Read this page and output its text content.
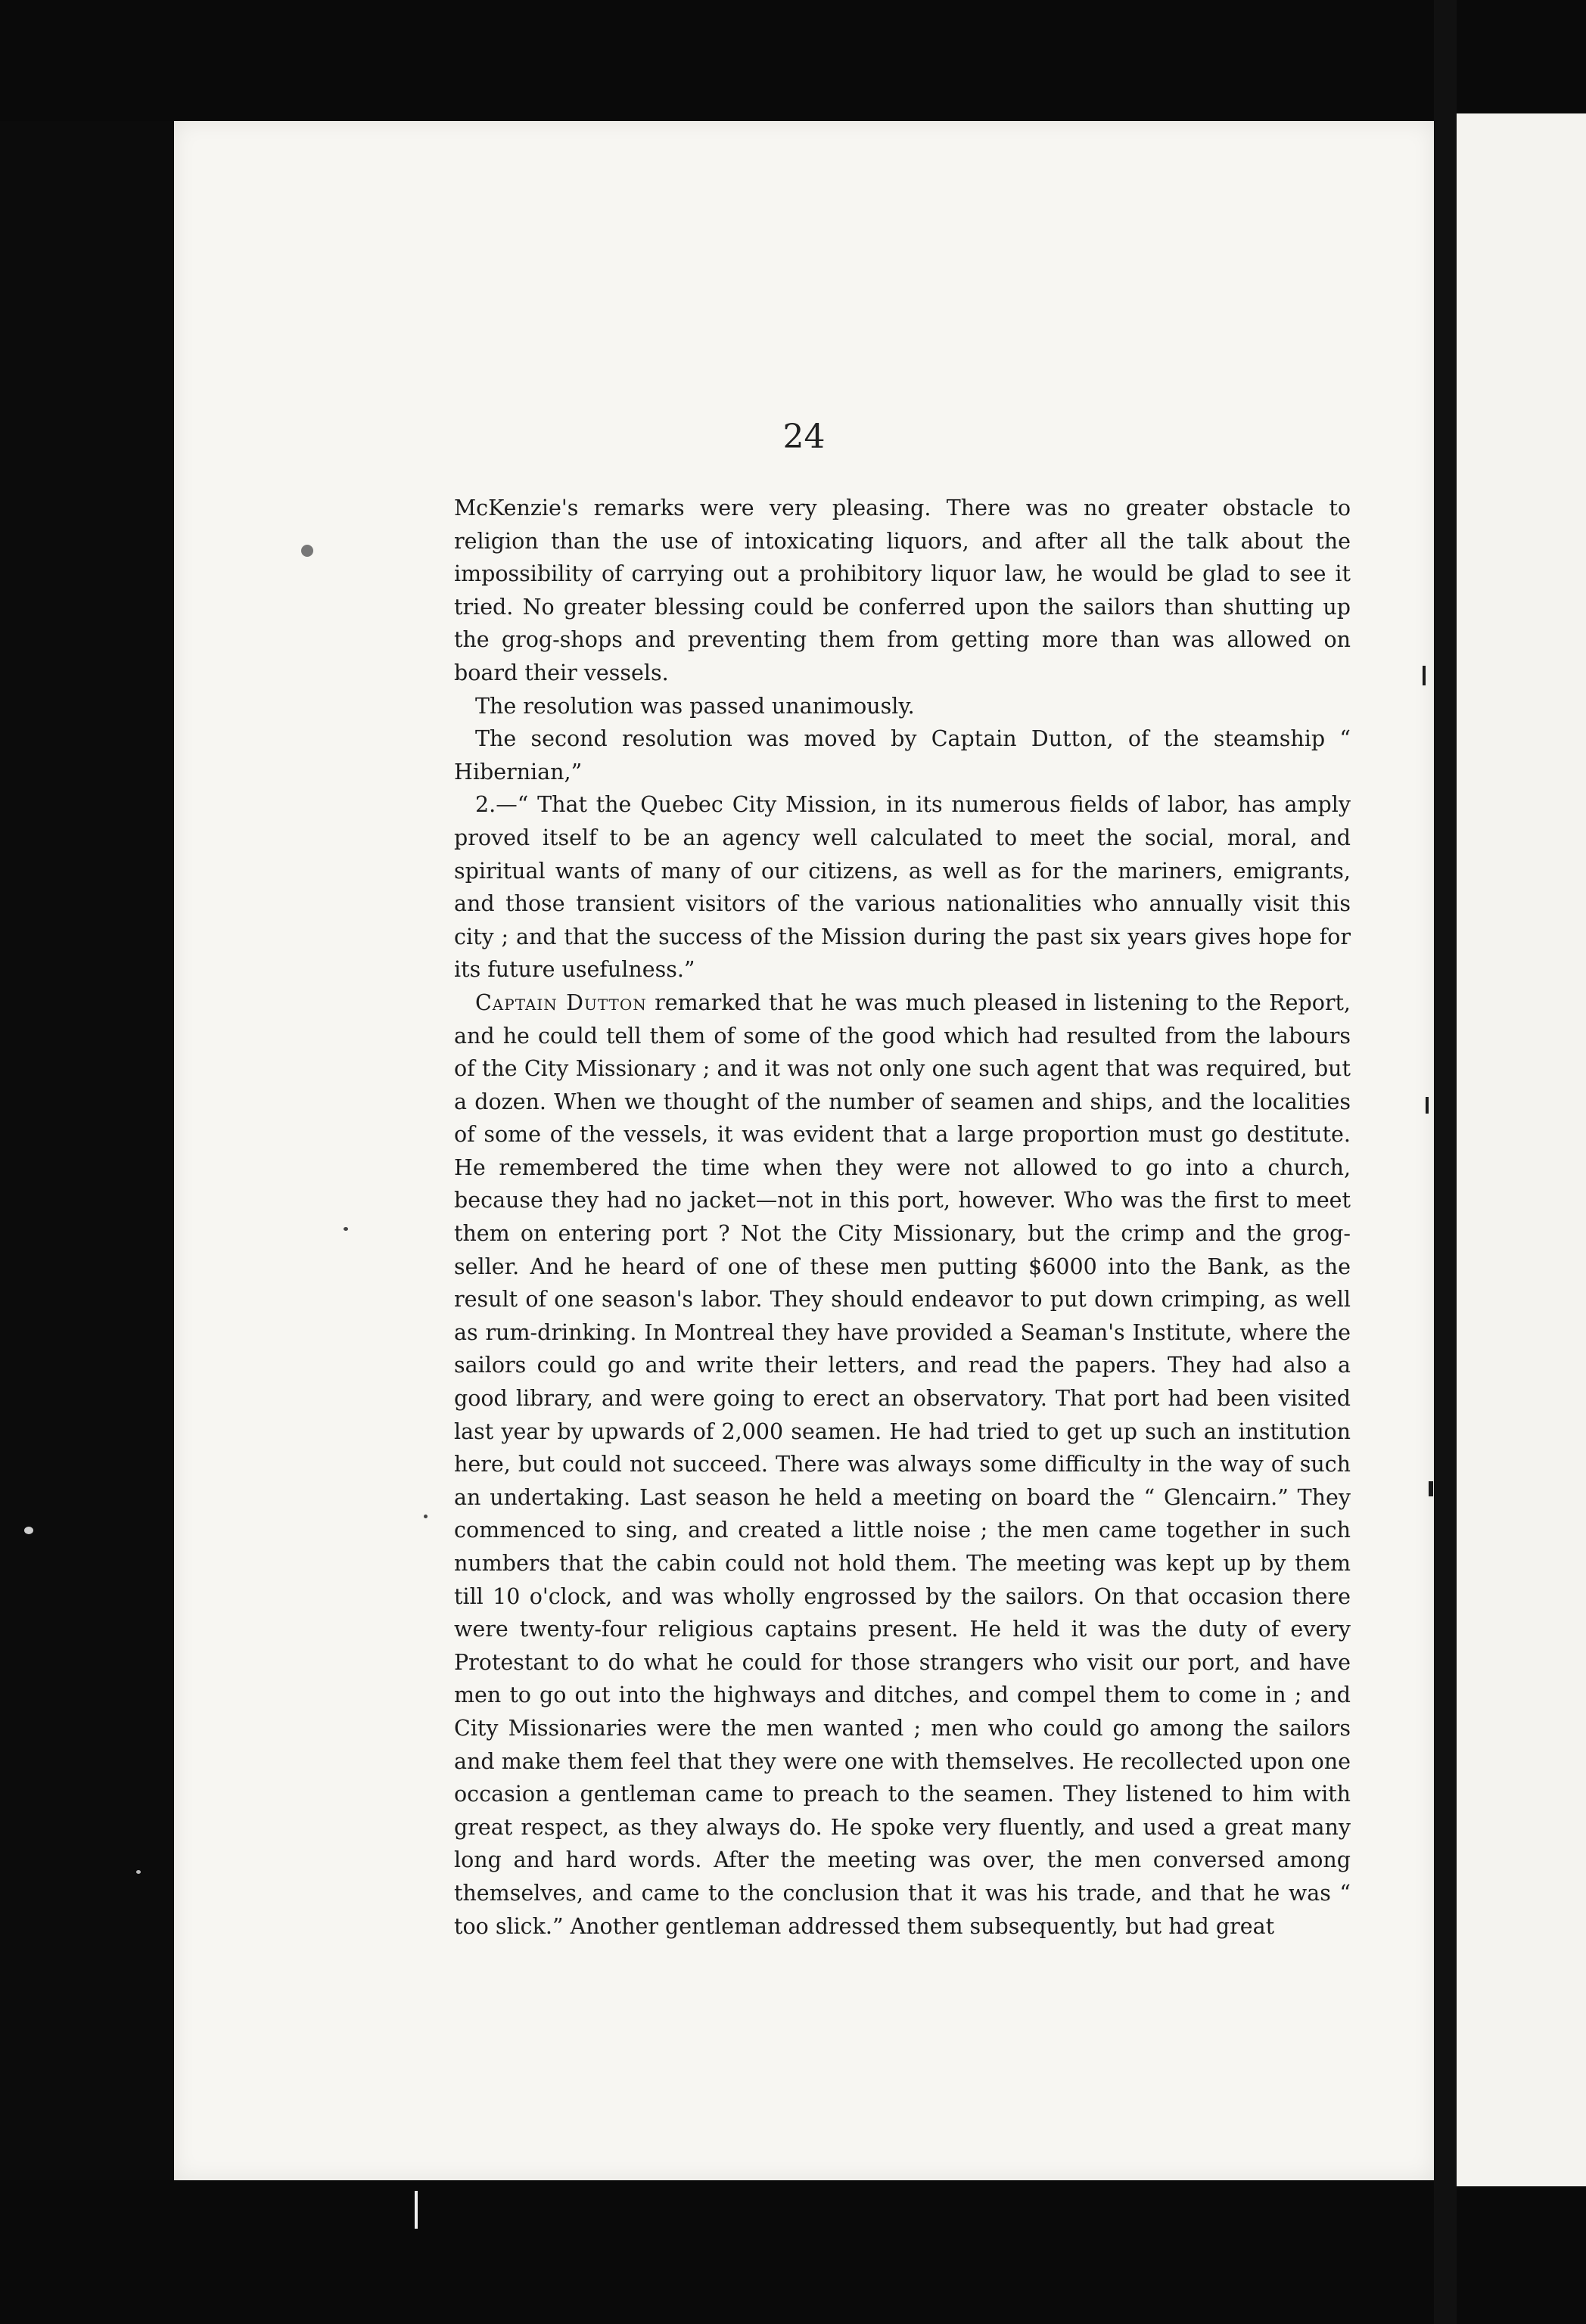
24

McKenzie's remarks were very pleasing. There was no greater obstacle to religion than the use of intoxicating liquors, and after all the talk about the impossibility of carrying out a prohibitory liquor law, he would be glad to see it tried. No greater blessing could be conferred upon the sailors than shutting up the grog-shops and preventing them from getting more than was allowed on board their vessels.

The resolution was passed unanimously.

The second resolution was moved by Captain Dutton, of the steamship “ Hibernian,”

2.—“ That the Quebec City Mission, in its numerous fields of labor, has amply proved itself to be an agency well calculated to meet the social, moral, and spiritual wants of many of our citizens, as well as for the mariners, emigrants, and those transient visitors of the various nationalities who annually visit this city ; and that the success of the Mission during the past six years gives hope for its future usefulness.”

Captain Dutton remarked that he was much pleased in listening to the Report, and he could tell them of some of the good which had resulted from the labours of the City Missionary ; and it was not only one such agent that was required, but a dozen. When we thought of the number of seamen and ships, and the localities of some of the vessels, it was evident that a large proportion must go destitute. He remembered the time when they were not allowed to go into a church, because they had no jacket—not in this port, however. Who was the first to meet them on entering port ? Not the City Missionary, but the crimp and the grog-seller. And he heard of one of these men putting $6000 into the Bank, as the result of one season's labor. They should endeavor to put down crimping, as well as rum-drinking. In Montreal they have provided a Seaman's Institute, where the sailors could go and write their letters, and read the papers. They had also a good library, and were going to erect an observatory. That port had been visited last year by upwards of 2,000 seamen. He had tried to get up such an institution here, but could not succeed. There was always some difficulty in the way of such an undertaking. Last season he held a meeting on board the “ Glencairn.” They commenced to sing, and created a little noise ; the men came together in such numbers that the cabin could not hold them. The meeting was kept up by them till 10 o'clock, and was wholly engrossed by the sailors. On that occasion there were twenty-four religious captains present. He held it was the duty of every Protestant to do what he could for those strangers who visit our port, and have men to go out into the highways and ditches, and compel them to come in ; and City Missionaries were the men wanted ; men who could go among the sailors and make them feel that they were one with themselves. He recollected upon one occasion a gentleman came to preach to the seamen. They listened to him with great respect, as they always do. He spoke very fluently, and used a great many long and hard words. After the meeting was over, the men conversed among themselves, and came to the conclusion that it was his trade, and that he was “ too slick.” Another gentleman addressed them subsequently, but had great
